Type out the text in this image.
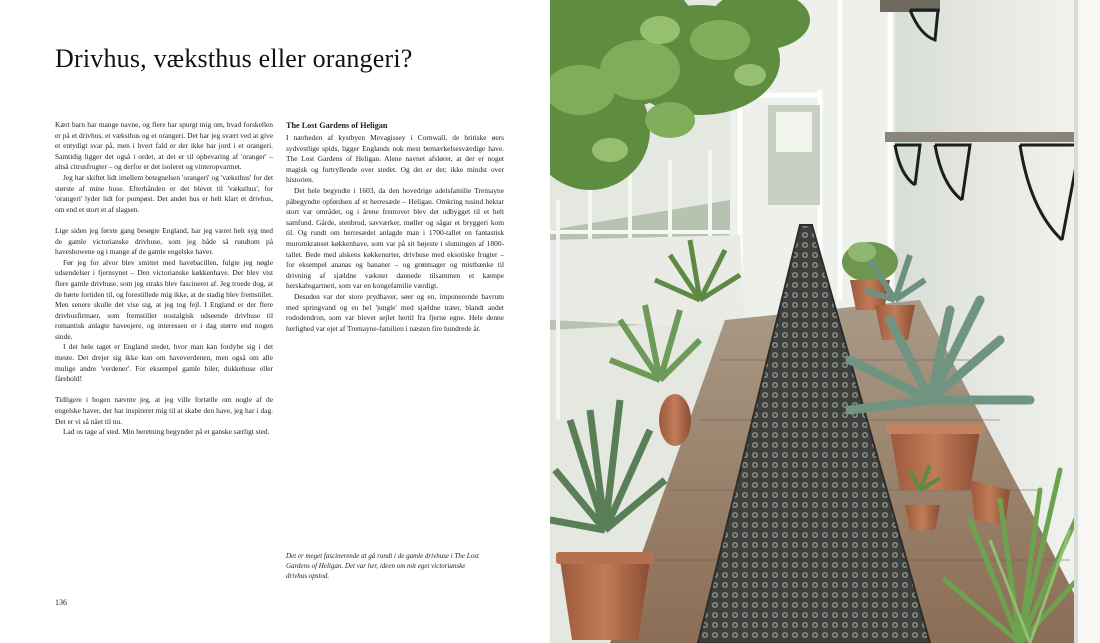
Drivhus, væksthus eller orangeri?

Kært barn har mange navne, og flere har spurgt mig om, hvad forskellen er på et drivhus, et væksthus og et orangeri. Det har jeg svært ved at give et entydigt svar på, men i hvert fald er der ikke bar jord i et orangeri. Samtidig ligger det også i ordet, at det er til opbevaring af 'oranger' – altså citrusfrugter – og derfor er det isoleret og vinteropvarmet.

Jeg har skiftet lidt imellem betegnelsen 'orangeri' og 'væksthus' for det største af mine huse. Efterhånden er det blevet til 'væksthus', for 'orangeri' lyder lidt for pompøst. Det andet hus er helt klart et drivhus, om end et stort et af slagsen.

Lige siden jeg første gang besøgte England, har jeg været helt syg med de gamle victorianske drivhuse, som jeg både så rundtom på haveshowene og i mange af de gamle engelske haver.

Før jeg for alvor blev smittet med havebacillen, fulgte jeg nøgle udsendelser i fjernsynet – Den victorianske køkkenhave. Der blev vist flere gamle drivhuse, som jeg straks blev fascineret af. Jeg troede dog, at de hørte fortiden til, og forestillede mig ikke, at de stadig blev fremstillet. Men senere skulle det vise sig, at jeg tog fejl. I England er der flere drivhusfirmaer, som fremstiller nostalgisk udseende drivhuse til romantisk anlagte haveejere, og interessen er i dag større end nogen sinde.

I det hele taget er England stedet, hvor man kan fordybe sig i det meste. Det drejer sig ikke kun om haveverdenen, men også om alle mulige andre 'verdener'. For eksempel gamle biler, dukkehuse eller fårehold!

Tidligere i bogen nævnte jeg, at jeg ville fortælle om nogle af de engelske haver, der har inspireret mig til at skabe den have, jeg har i dag. Det er vi så nået til nu.

Lad os tage af sted. Min beretning begynder på et ganske særligt sted.

The Lost Gardens of Heligan

I nærheden af kystbyen Mevagissey i Cornwall, de britiske øers sydvestlige spids, ligger Englands nok mest bemærkelsesværdige have. The Lost Gardens of Heligan. Alene navnet afslører, at der er noget magisk og fortryllende over stedet. Og det er det; ikke mindst over historien.

Det hele begyndte i 1603, da den hovedrige adelsfamilie Tremayne påbegyndte opførdsen af et herresæde – Heligan. Omkring tusind hektar stort var området, og i årene fremover blev det udbygget til et helt samfund. Gårde, stenbrud, savværker, møller og sågar et bryggeri kom til. Og rundt om herresædet anlagde man i 1700-tallet en fantastisk muromkranset køkkenhave, som var på sit højeste i slutningen af 1800-tallet. Bede med alskens køkkenurter, drivhuse med eksotiske frugter – for eksempel ananas og bananer – og grøntsager og mistbænke til drivning af sjældne vækster dannede tilsammen et kæmpe herskabsgartneri, som var en kongefamilie værdigt.

Desuden var der store prydhaver, søer og en, imponerende havrum med springvand og en hel 'jungle' med sjældne træer, blandt andet rododendron, som var blevet sejlet hertil fra fjerne egne. Hele denne herlighed var ejet af Tremayne-familien i næsten fire hundrede år.

Det er meget fascinerende at gå rundt i de gamle drivhuse i The Lost Gardens of Heligan. Det var her, ideen om mit eget victorianske drivhus opstod.
136
